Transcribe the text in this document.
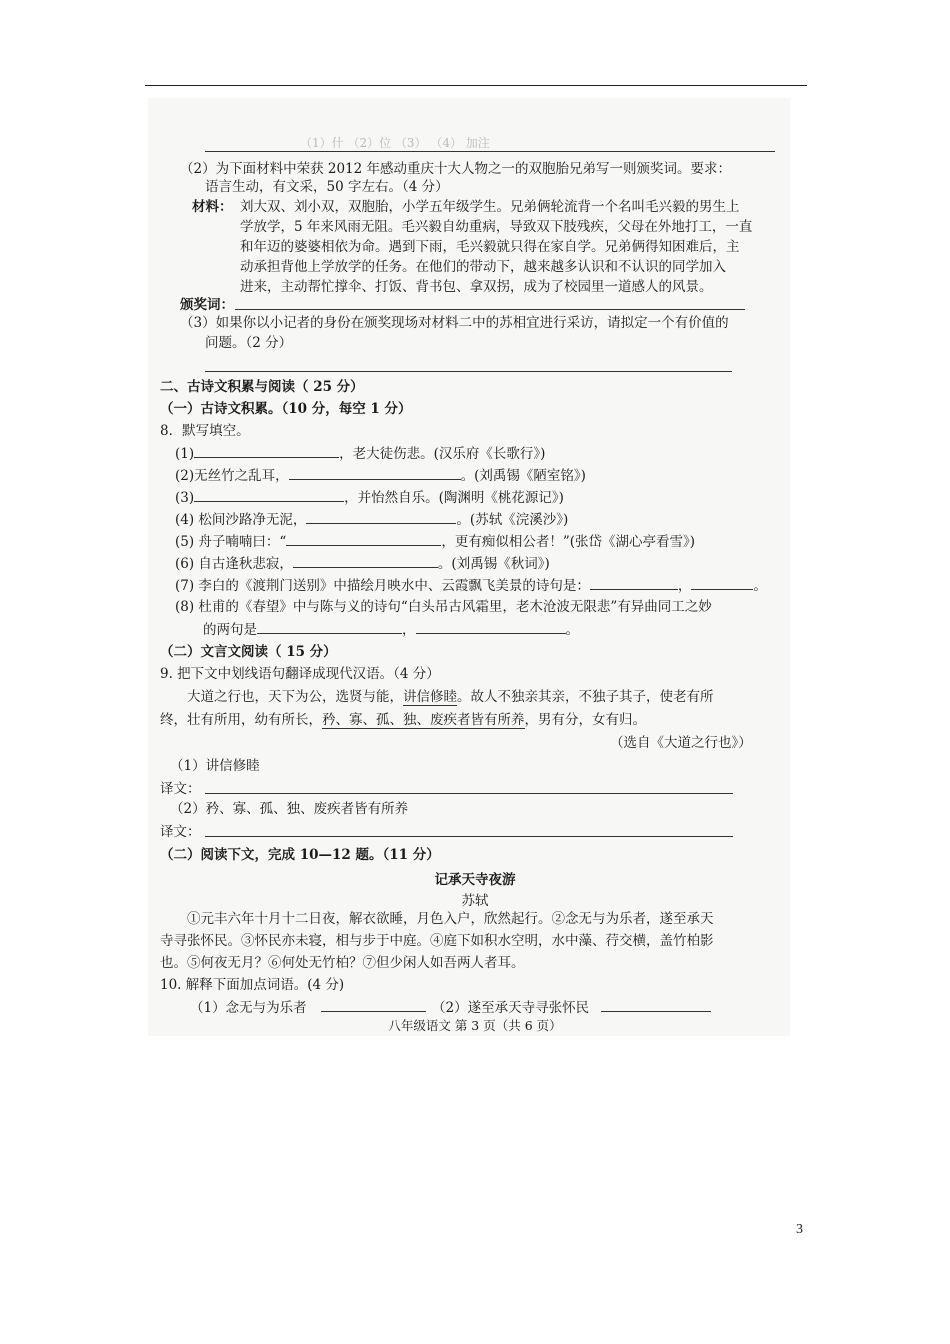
（1）什 （2）位 （3） （4） 加注
（2）为下面材料中荣获 2012 年感动重庆十大人物之一的双胞胎兄弟写一则颁奖词。要求：
语言生动，有文采，50 字左右。（4 分）
材料： 刘大双、刘小双，双胞胎，小学五年级学生。兄弟俩轮流背一个名叫毛兴毅的男生上
学放学，5 年来风雨无阻。毛兴毅自幼重病，导致双下肢残疾，父母在外地打工，一直
和年迈的婆婆相依为命。遇到下雨，毛兴毅就只得在家自学。兄弟俩得知困难后，主
动承担背他上学放学的任务。在他们的带动下，越来越多认识和不认识的同学加入
进来，主动帮忙撑伞、打饭、背书包、拿双拐，成为了校园里一道感人的风景。
颁奖词：
（3）如果你以小记者的身份在颁奖现场对材料二中的苏相宜进行采访，请拟定一个有价值的
问题。（2 分）
二、古诗文积累与阅读（ 25 分）
（一）古诗文积累。（10 分，每空 1 分）
8．默写填空。
(1)	，老大徒伤悲。(汉乐府《长歌行》)
(2)无丝竹之乱耳，	。(刘禹锡《陋室铭》)
(3)	，并怡然自乐。(陶渊明《桃花源记》)
(4) 松间沙路净无泥，	。(苏轼《浣溪沙》)
(5) 舟子喃喃曰：“	，更有痴似相公者！”(张岱《湖心亭看雪》)
(6) 自古逢秋悲寂，	。(刘禹锡《秋词》)
(7) 李白的《渡荆门送别》中描绘月映水中、云霞飘飞美景的诗句是：	，	。
(8) 杜甫的《春望》中与陈与义的诗句“白头吊古风霜里，老木沧波无限悲”有异曲同工之妙
的两句是	，	。
（二）文言文阅读（ 15 分）
9. 把下文中划线语句翻译成现代汉语。（4 分）
大道之行也，天下为公，选贤与能，讲信修睦。故人不独亲其亲，不独子其子，使老有所
终，壮有所用，幼有所长，矜、寡、孤、独、废疾者皆有所养，男有分，女有归。
（选自《大道之行也》）
（1）讲信修睦
译文：
（2）矜、寡、孤、独、废疾者皆有所养
译文：
（二）阅读下文，完成 10—12 题。（11 分）
记承天寺夜游
苏轼
①元丰六年十月十二日夜，解衣欲睡，月色入户，欣然起行。②念无与为乐者，遂至承天
寺寻张怀民。③怀民亦未寝，相与步于中庭。④庭下如积水空明，水中藻、荇交横，盖竹柏影
也。⑤何夜无月？⑥何处无竹柏？⑦但少闲人如吾两人者耳。
10. 解释下面加点词语。(4 分)
（1）念无与为乐者	（2）遂至承天寺寻张怀民
八年级语文 第 3 页（共 6 页）
3
